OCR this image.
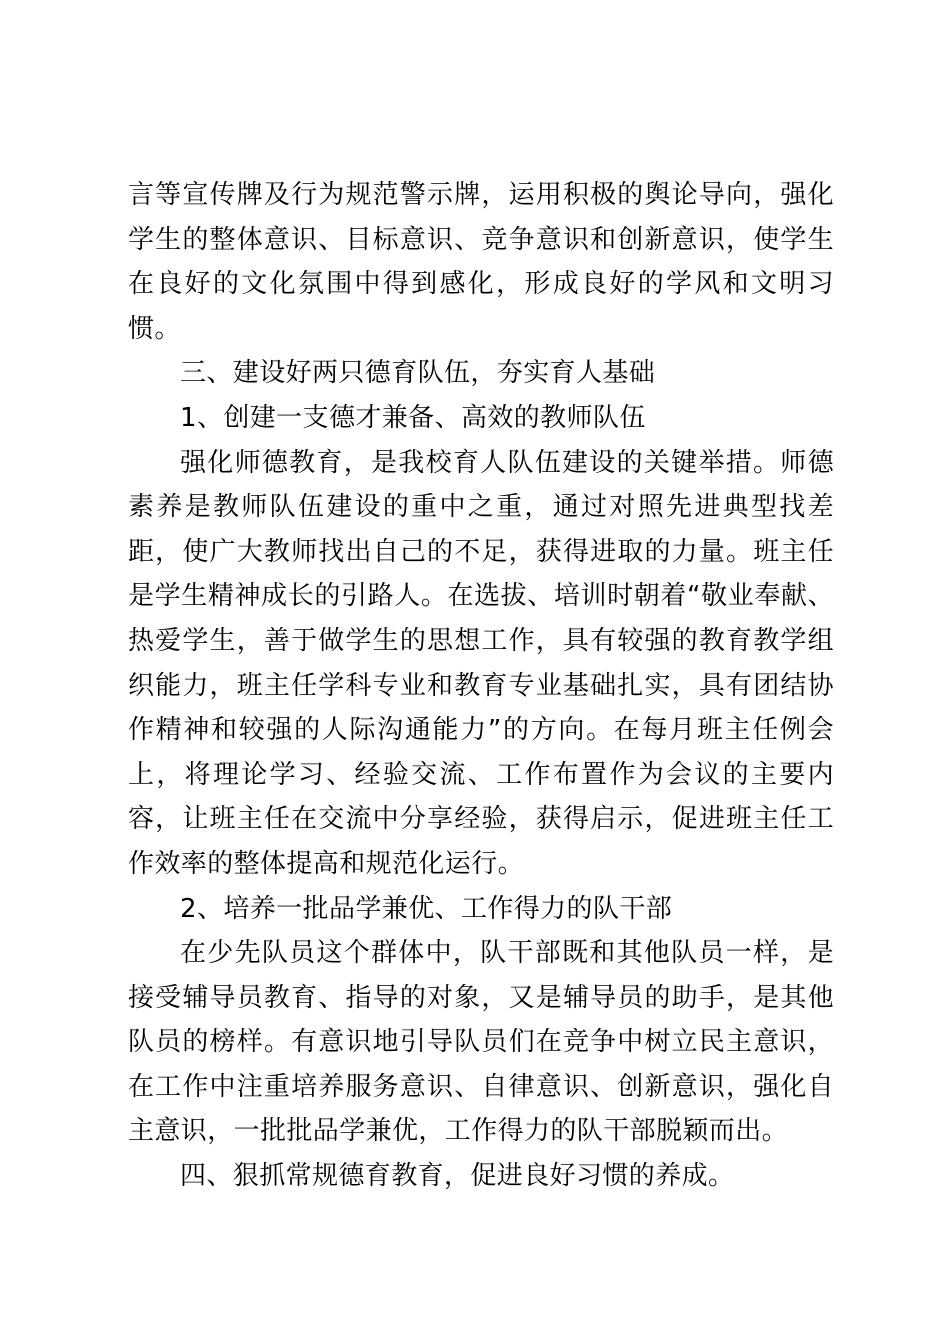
言等宣传牌及行为规范警示牌，运用积极的舆论导向，强化学生的整体意识、目标意识、竞争意识和创新意识，使学生在良好的文化氛围中得到感化，形成良好的学风和文明习惯。

三、建设好两只德育队伍，夯实育人基础

1、创建一支德才兼备、高效的教师队伍

强化师德教育，是我校育人队伍建设的关键举措。师德素养是教师队伍建设的重中之重，通过对照先进典型找差距，使广大教师找出自己的不足，获得进取的力量。班主任是学生精神成长的引路人。在选拔、培训时朝着“敬业奉献、热爱学生，善于做学生的思想工作，具有较强的教育教学组织能力，班主任学科专业和教育专业基础扎实，具有团结协作精神和较强的人际沟通能力”的方向。在每月班主任例会上，将理论学习、经验交流、工作布置作为会议的主要内容，让班主任在交流中分享经验，获得启示，促进班主任工作效率的整体提高和规范化运行。

2、培养一批品学兼优、工作得力的队干部

在少先队员这个群体中，队干部既和其他队员一样，是接受辅导员教育、指导的对象，又是辅导员的助手，是其他队员的榜样。有意识地引导队员们在竞争中树立民主意识，在工作中注重培养服务意识、自律意识、创新意识，强化自主意识，一批批品学兼优，工作得力的队干部脱颖而出。

四、狠抓常规德育教育，促进良好习惯的养成。
